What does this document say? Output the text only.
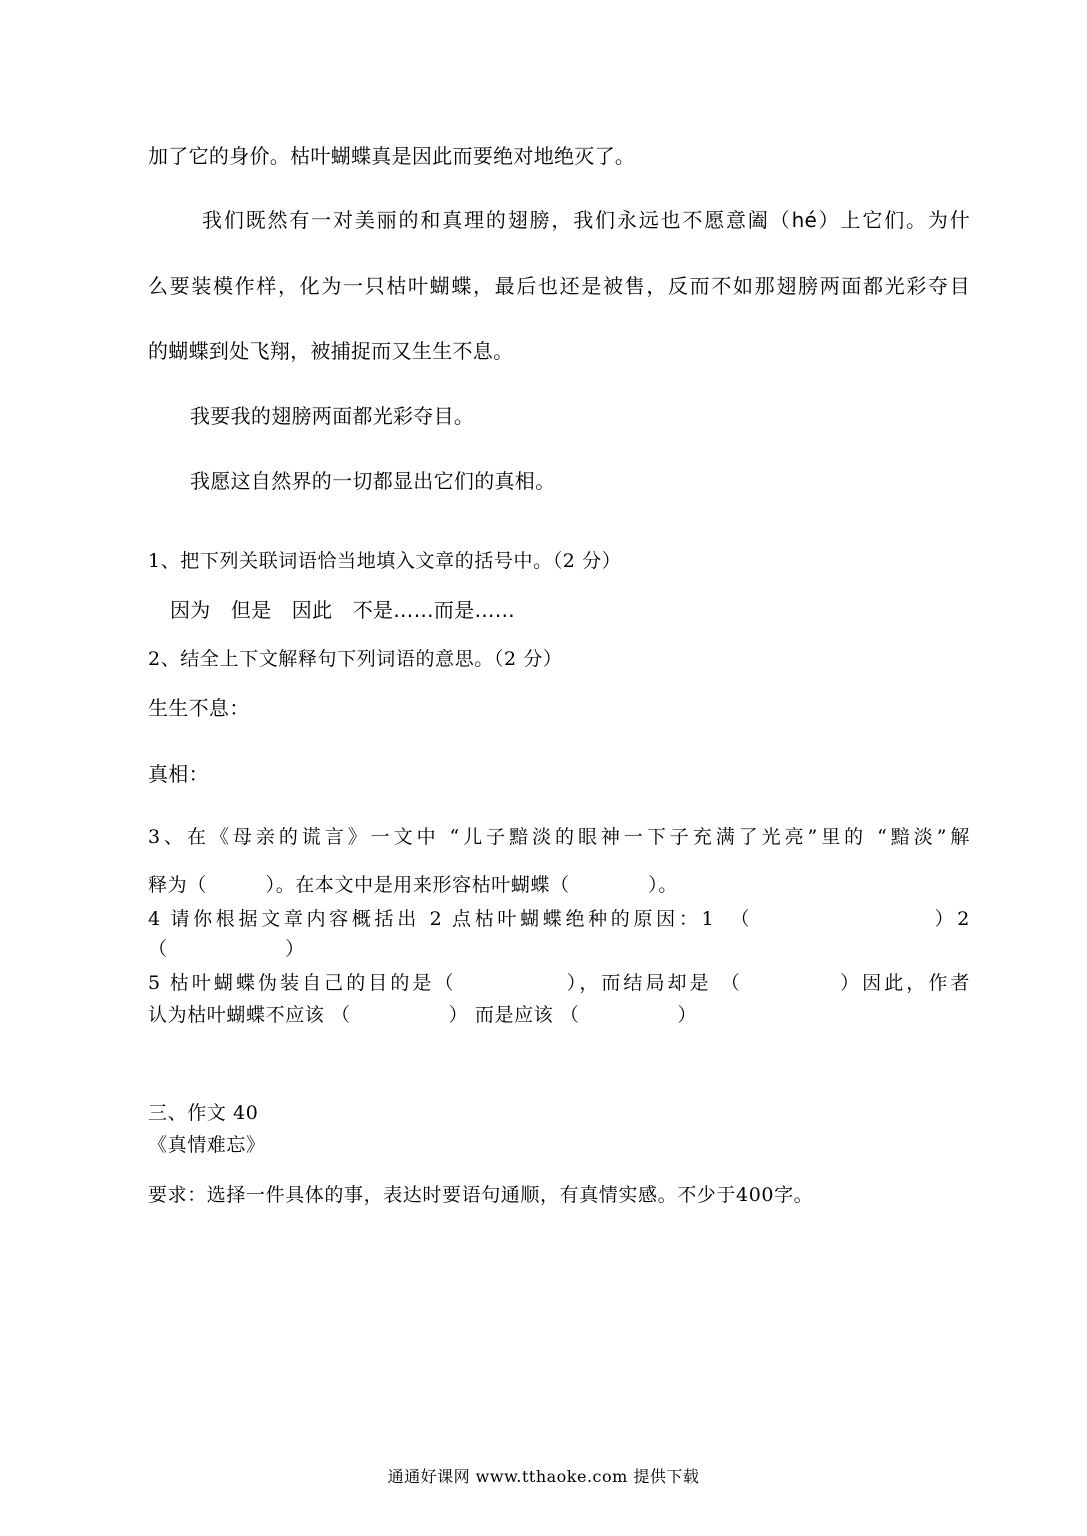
加了它的身价。枯叶蝴蝶真是因此而要绝对地绝灭了。
我们既然有一对美丽的和真理的翅膀，我们永远也不愿意阖（hé）上它们。为什
么要装模作样，化为一只枯叶蝴蝶，最后也还是被售，反而不如那翅膀两面都光彩夺目
的蝴蝶到处飞翔，被捕捉而又生生不息。
我要我的翅膀两面都光彩夺目。
我愿这自然界的一切都显出它们的真相。
1、把下列关联词语恰当地填入文章的括号中。（2 分）
因为　但是　因此　不是……而是……
2、结全上下文解释句下列词语的意思。（2 分）
生生不息：
真相：
3、在《母亲的谎言》一文中 “儿子黯淡的眼神一下子充满了光亮”里的 “黯淡”解
释为（　　　）。在本文中是用来形容枯叶蝴蝶（　　　　）。
4 请你根据文章内容概括出 2 点枯叶蝴蝶绝种的原因：1　（　　　　　　　　）2
（　　　　　　）
5 枯叶蝴蝶伪装自己的目的是（　　　　　），而结局却是 （　　　　 ）因此，作者
认为枯叶蝴蝶不应该 （　　　　　） 而是应该 （　　　　　）
三、作文 40
《真情难忘》
要求：选择一件具体的事，表达时要语句通顺，有真情实感。不少于400字。
通通好课网 www.tthaoke.com 提供下载
